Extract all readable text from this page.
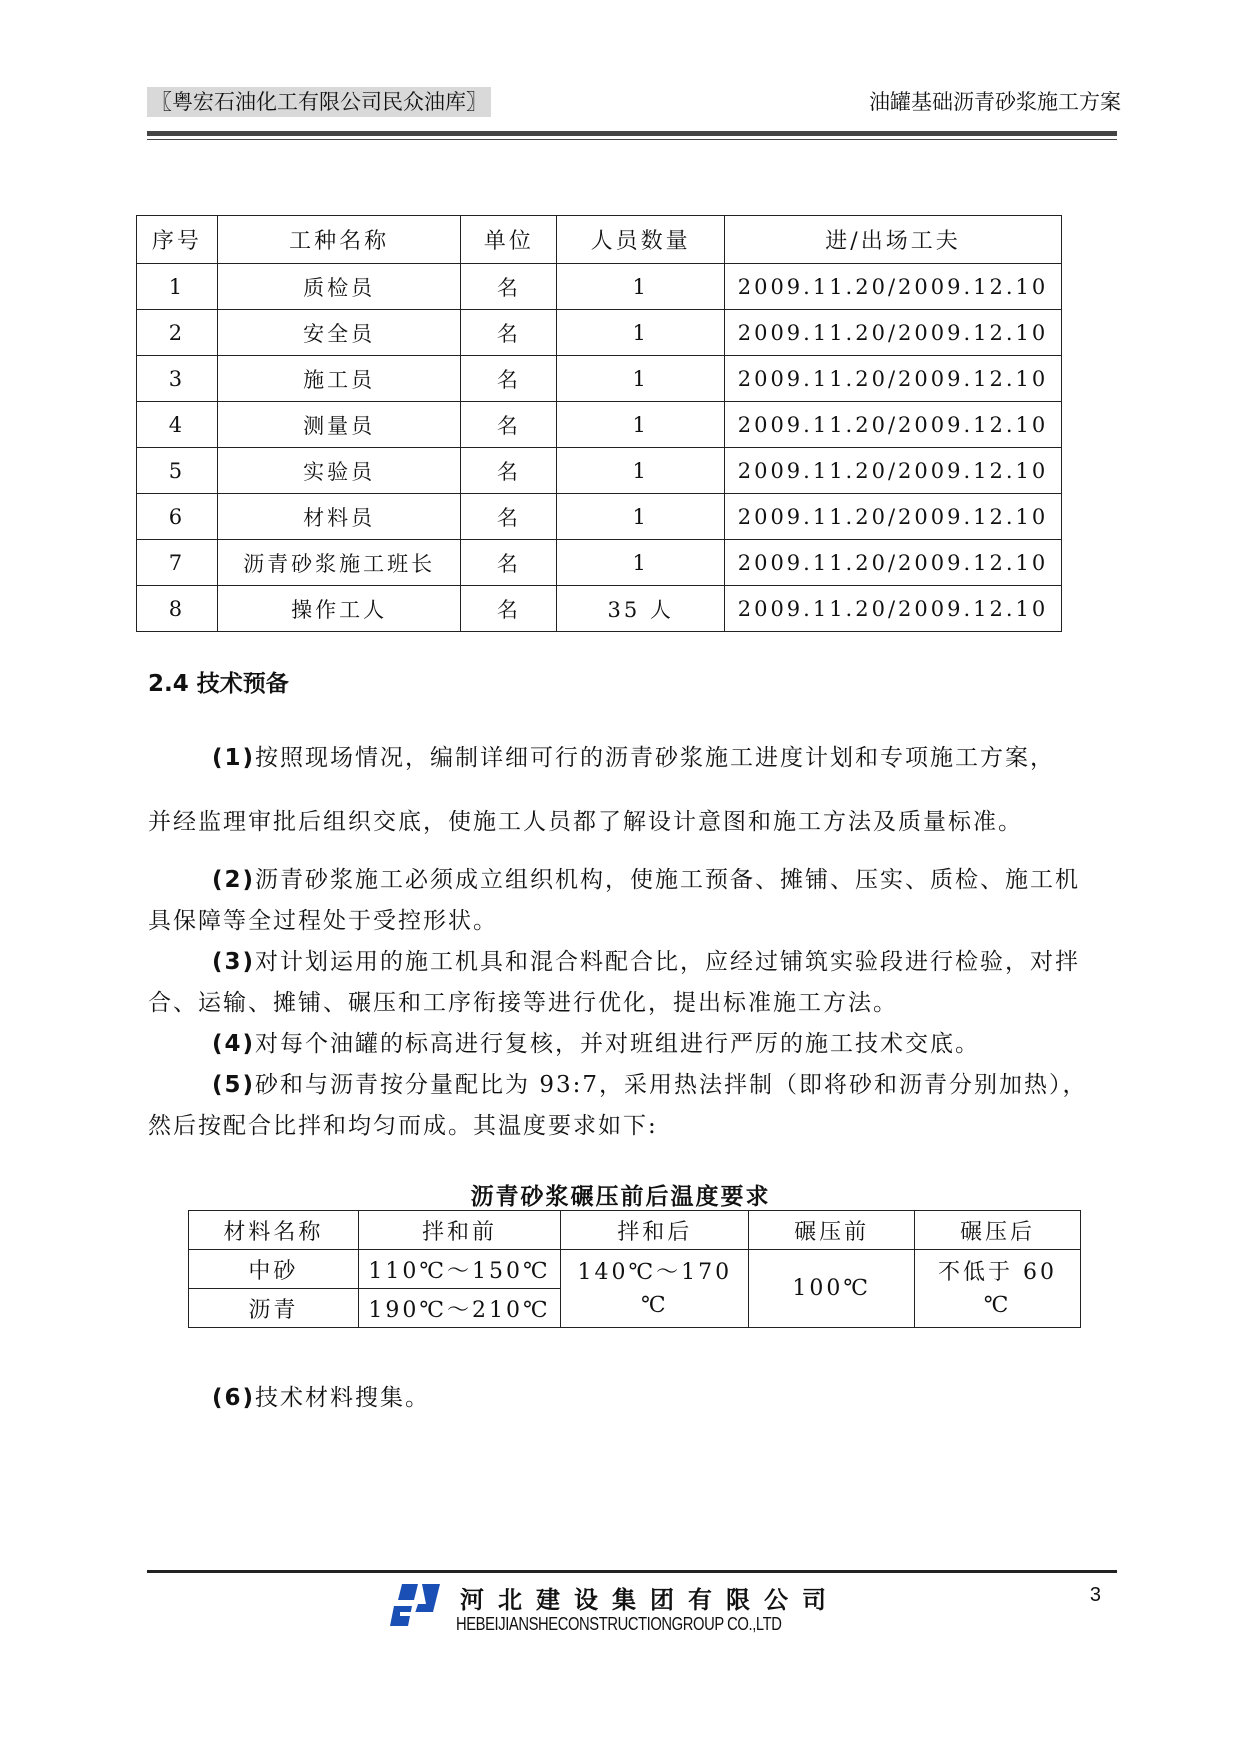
〖粤宏石油化工有限公司民众油库〗	油罐基础沥青砂浆施工方案
序号	工种名称	单位	人员数量	进/出场工夫
1	质检员	名	1	2009.11.20/2009.12.10
2	安全员	名	1	2009.11.20/2009.12.10
3	施工员	名	1	2009.11.20/2009.12.10
4	测量员	名	1	2009.11.20/2009.12.10
5	实验员	名	1	2009.11.20/2009.12.10
6	材料员	名	1	2009.11.20/2009.12.10
7	沥青砂浆施工班长	名	1	2009.11.20/2009.12.10
8	操作工人	名	35 人	2009.11.20/2009.12.10
2.4 技术预备
(1)按照现场情况，编制详细可行的沥青砂浆施工进度计划和专项施工方案，
并经监理审批后组织交底，使施工人员都了解设计意图和施工方法及质量标准。
(2)沥青砂浆施工必须成立组织机构，使施工预备、摊铺、压实、质检、施工机具保障等全过程处于受控形状。
(3)对计划运用的施工机具和混合料配合比，应经过铺筑实验段进行检验，对拌合、运输、摊铺、碾压和工序衔接等进行优化，提出标准施工方法。
(4)对每个油罐的标高进行复核，并对班组进行严厉的施工技术交底。
(5)砂和与沥青按分量配比为 93:7，采用热法拌制（即将砂和沥青分别加热），然后按配合比拌和均匀而成。其温度要求如下:
沥青砂浆碾压前后温度要求
材料名称	拌和前	拌和后	碾压前	碾压后
中砂	110℃～150℃	140℃～170 ℃	100℃	不低于 60 ℃

沥青	190℃～210℃			
(6)技术材料搜集。
河北建设集团有限公司
HEBEIJIANSHECONSTRUCTIONGROUP CO.,LTD
3
